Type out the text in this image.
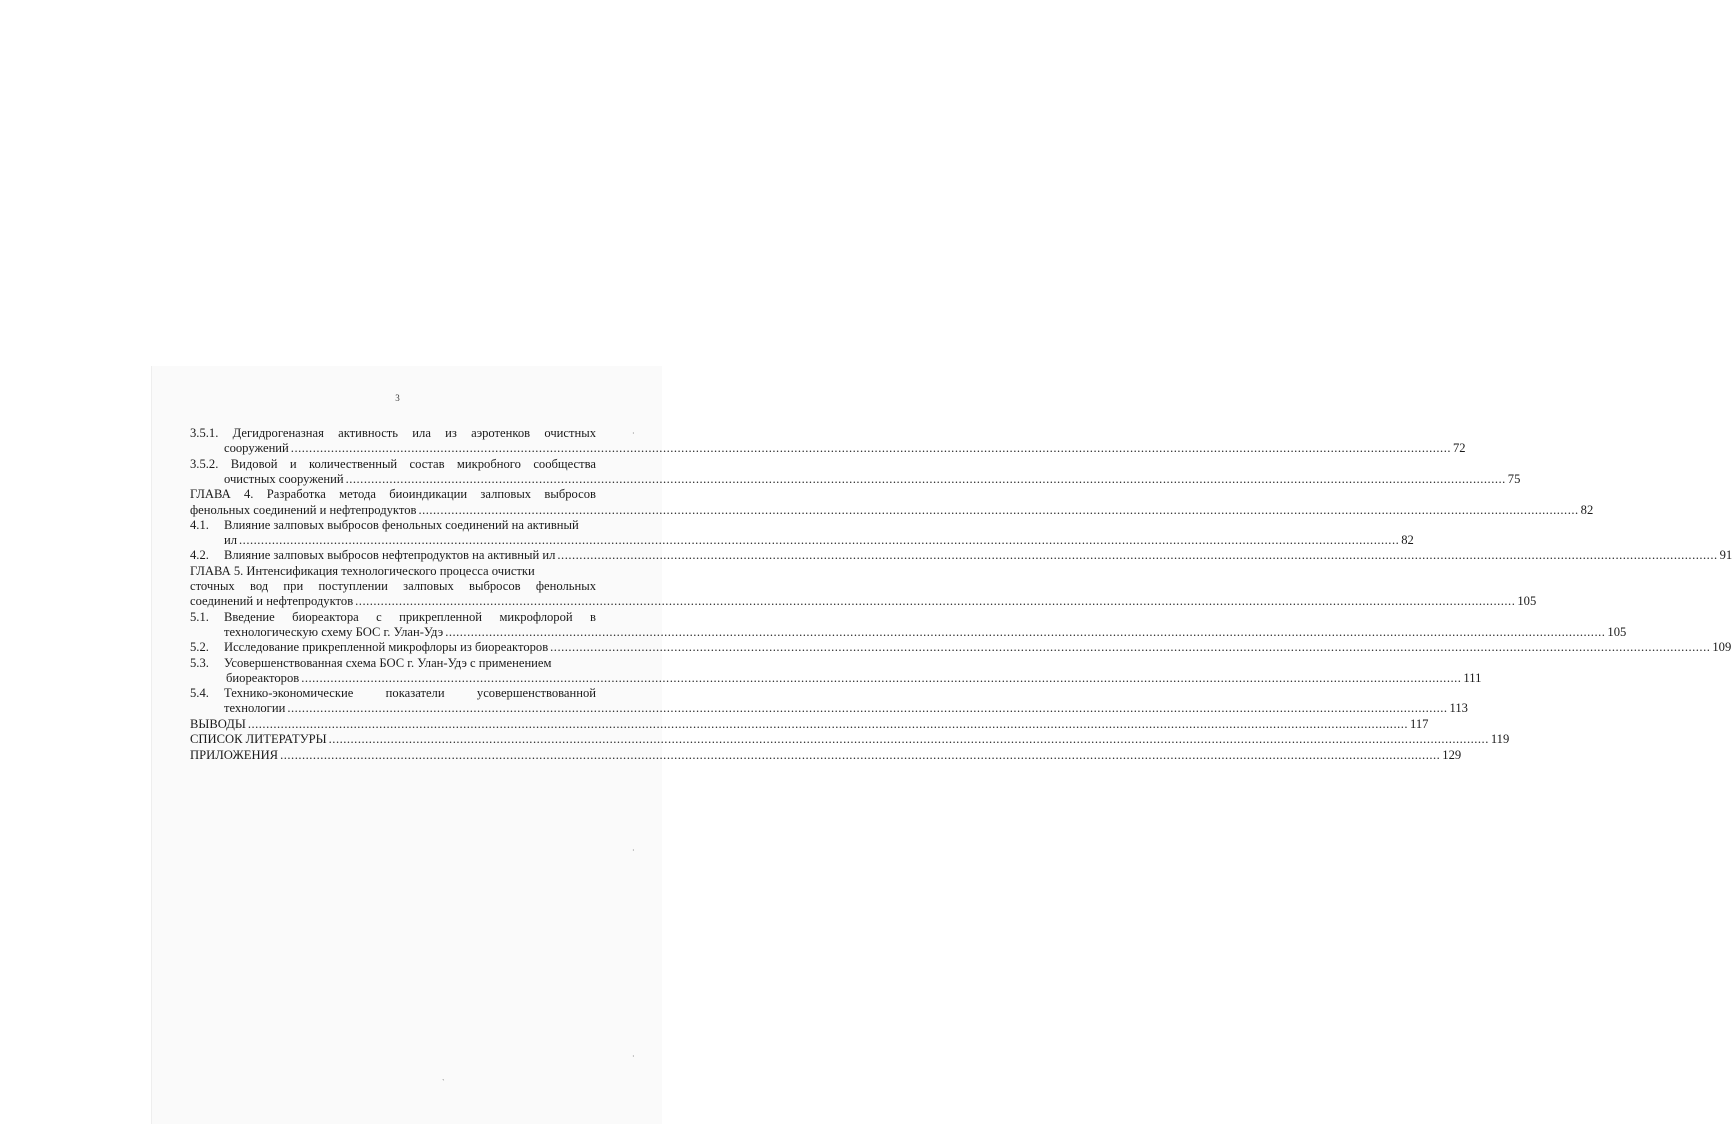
3
3.5.1. Дегидрогеназная активность ила из аэротенков очистных
сооружений .............................................................................................................................................................................................................................................................................................................................. 72
3.5.2. Видовой и количественный состав микробного сообщества
очистных сооружений .............................................................................................................................................................................................................................................................................................................................. 75
ГЛАВА 4. Разработка метода биоиндикации залповых выбросов
фенольных соединений и нефтепродуктов .............................................................................................................................................................................................................................................................................................................................. 82
4.1. Влияние залповых выбросов фенольных соединений на активный
ил .............................................................................................................................................................................................................................................................................................................................. 82
4.2.	Влияние залповых выбросов нефтепродуктов на активный ил .............................................................................................................................................................................................................................................................................................................................. 91
ГЛАВА 5. Интенсификация технологического процесса очистки
сточных вод при поступлении залповых выбросов фенольных
соединений и нефтепродуктов .............................................................................................................................................................................................................................................................................................................................. 105
5.1.	Введение биореактора с прикрепленной микрофлорой в
технологическую схему БОС г. Улан-Удэ .............................................................................................................................................................................................................................................................................................................................. 105
5.2.	Исследование прикрепленной микрофлоры из биореакторов .............................................................................................................................................................................................................................................................................................................................. 109
5.3. Усовершенствованная схема БОС г. Улан-Удэ с применением
биореакторов .............................................................................................................................................................................................................................................................................................................................. 111
5.4.	Технико-экономические показатели усовершенствованной
технологии .............................................................................................................................................................................................................................................................................................................................. 113
ВЫВОДЫ .............................................................................................................................................................................................................................................................................................................................. 117
СПИСОК ЛИТЕРАТУРЫ .............................................................................................................................................................................................................................................................................................................................. 119
ПРИЛОЖЕНИЯ .............................................................................................................................................................................................................................................................................................................................. 129
·
·
·
`
